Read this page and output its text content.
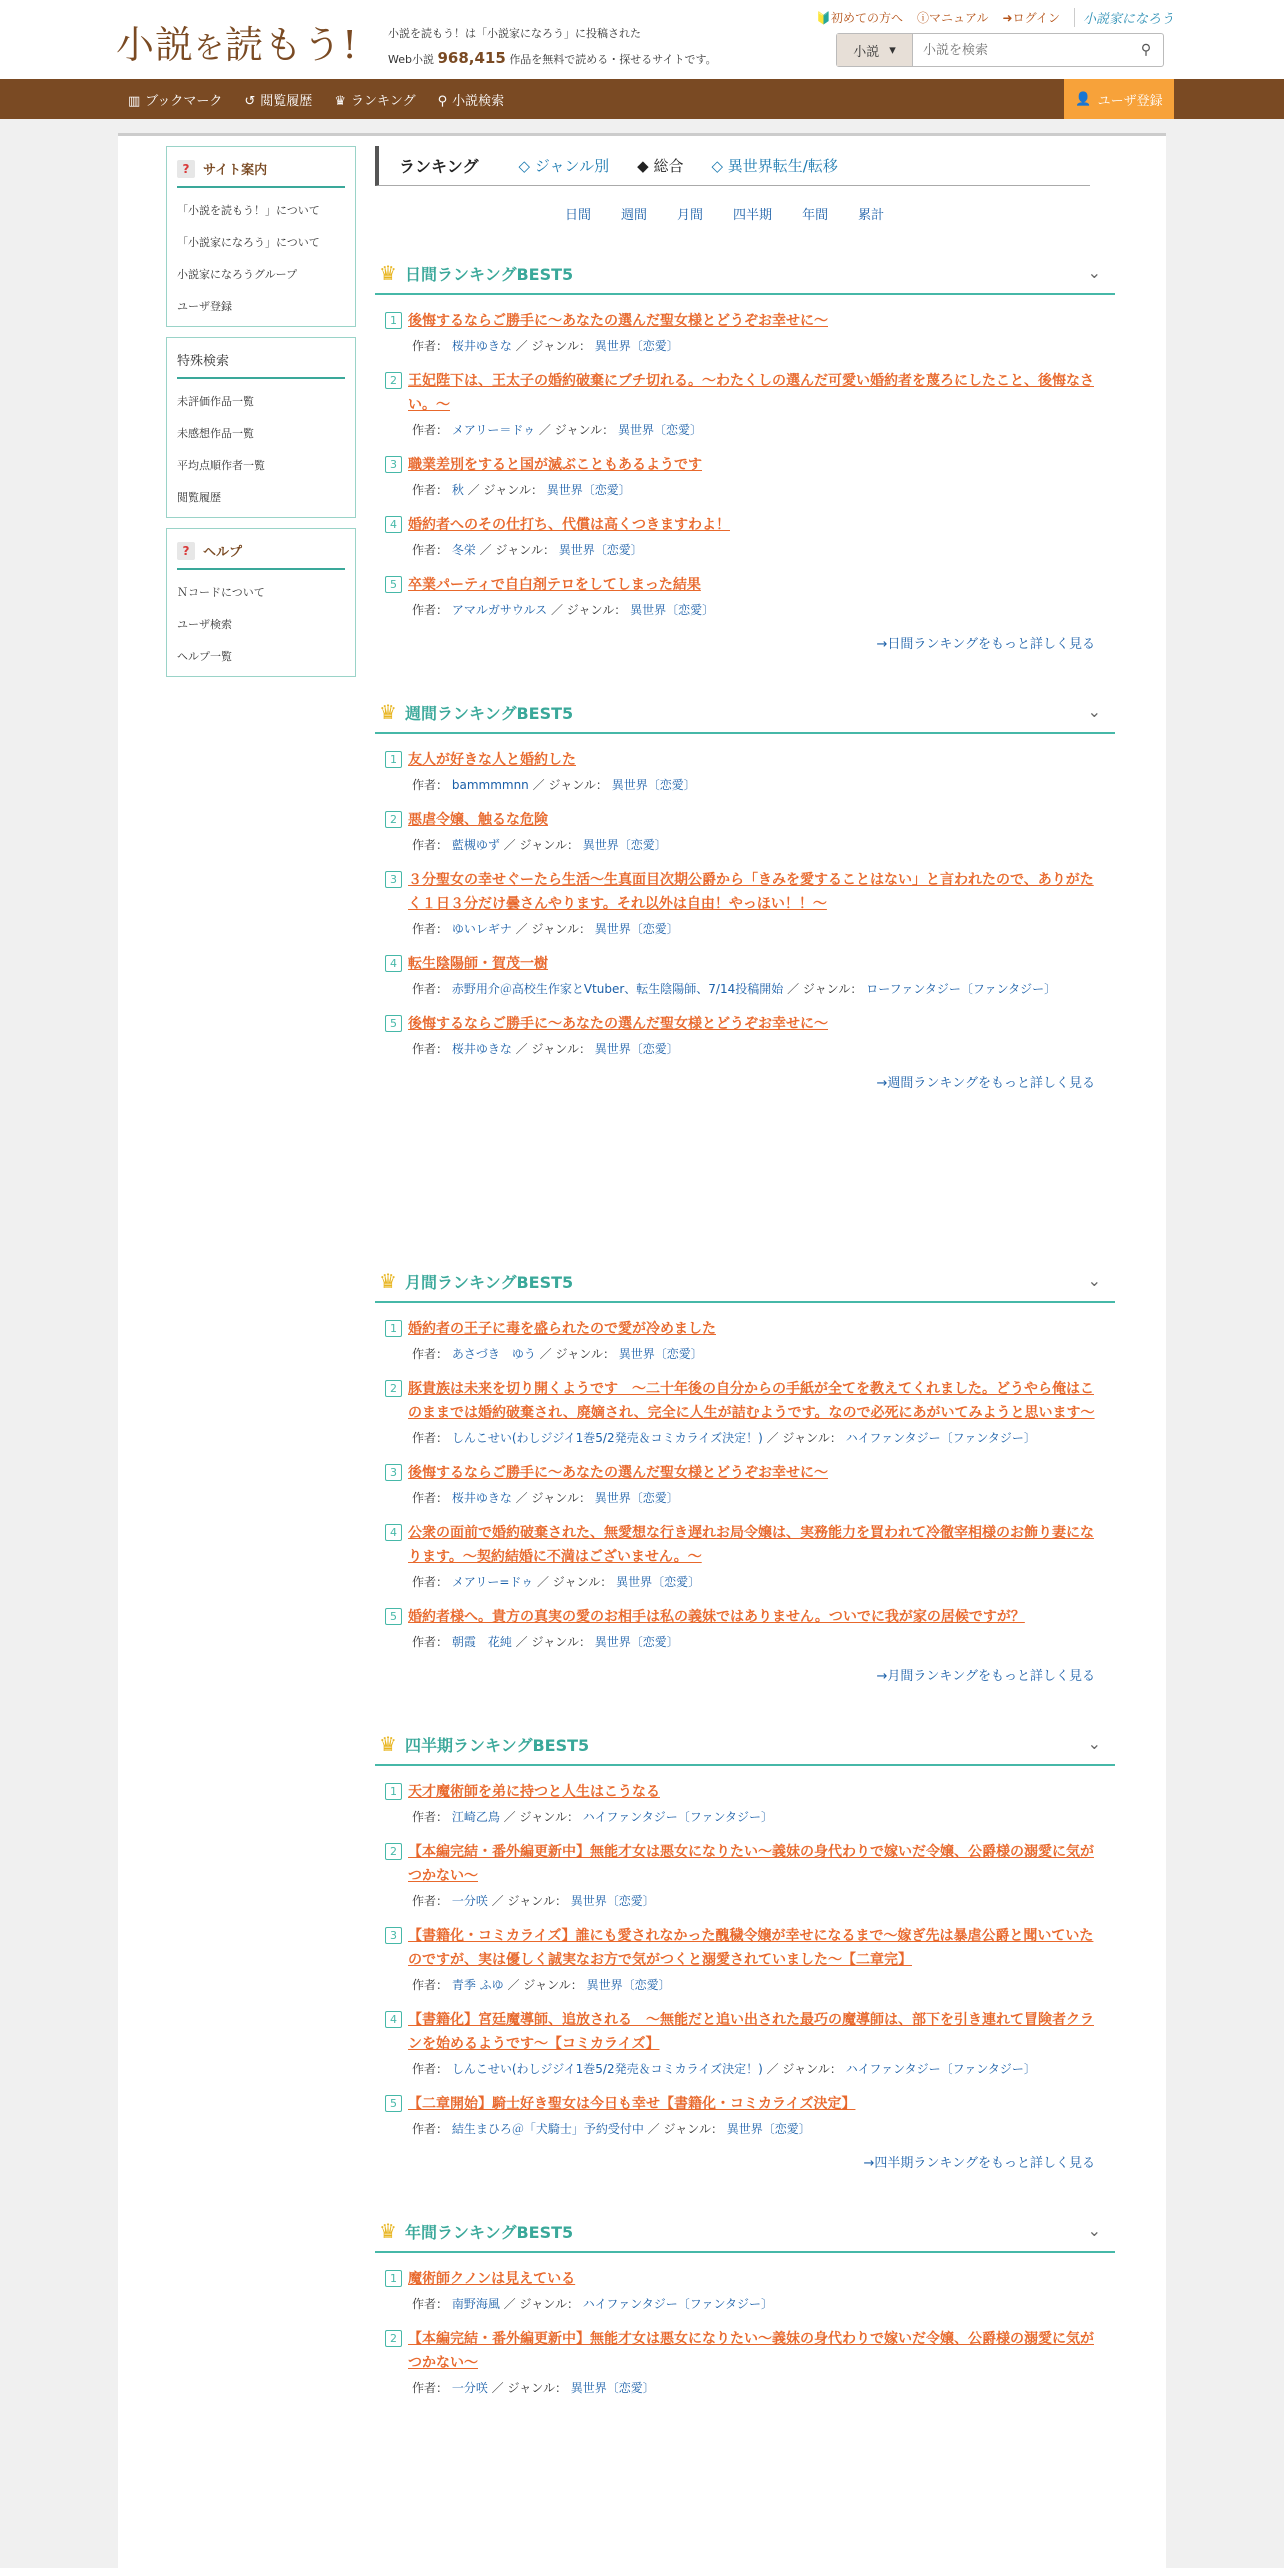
小説を読もう!	小説を読もう！は「小説家になろう」に投稿された
Web小説 968,415 作品を無料で読める・探せるサイトです。
🔰初めての方へ ⓘマニュアル ➜ログイン	小説家になろう
小説 ▾
小説を検索	⚲
▥ ブックマーク ↺ 閲覧履歴 ♛ ランキング ⚲ 小説検索	👤 ユーザ登録
?	サイト案内
「小説を読もう！」について
「小説家になろう」について
小説家になろうグループ
ユーザ登録
特殊検索
未評価作品一覧
未感想作品一覧
平均点順作者一覧
閲覧履歴
?	ヘルプ
Ｎコードについて
ユーザ検索
ヘルプ一覧
ランキング	◇ ジャンル別 ◆ 総合 ◇ 異世界転生/転移
日間 週間 月間 四半期 年間 累計
♛ 日間ランキングBEST5	⌄
1 後悔するならご勝手に～あなたの選んだ聖女様とどうぞお幸せに～
作者： 桜井ゆきな ／ ジャンル： 異世界〔恋愛〕
2 王妃陛下は、王太子の婚約破棄にブチ切れる。～わたくしの選んだ可愛い婚約者を蔑ろにしたこと、後悔なさい。～
作者： メアリー＝ドゥ ／ ジャンル： 異世界〔恋愛〕
3 職業差別をすると国が滅ぶこともあるようです
作者： 秋 ／ ジャンル： 異世界〔恋愛〕
4 婚約者へのその仕打ち、代償は高くつきますわよ！
作者： 冬栄 ／ ジャンル： 異世界〔恋愛〕
5 卒業パーティで自白剤テロをしてしまった結果
作者： アマルガサウルス ／ ジャンル： 異世界〔恋愛〕
→日間ランキングをもっと詳しく見る
♛ 週間ランキングBEST5	⌄
1 友人が好きな人と婚約した
作者： bammmmnn ／ ジャンル： 異世界〔恋愛〕
2 悪虐令嬢、触るな危険
作者： 藍槻ゆず ／ ジャンル： 異世界〔恋愛〕
3 ３分聖女の幸せぐーたら生活〜生真面目次期公爵から「きみを愛することはない」と言われたので、ありがたく１日３分だけ曇さんやります。それ以外は自由！やっほい！！〜
作者： ゆいレギナ ／ ジャンル： 異世界〔恋愛〕
4 転生陰陽師・賀茂一樹
作者： 赤野用介＠高校生作家とVtuber、転生陰陽師、7/14投稿開始 ／ ジャンル： ローファンタジー〔ファンタジー〕
5 後悔するならご勝手に～あなたの選んだ聖女様とどうぞお幸せに～
作者： 桜井ゆきな ／ ジャンル： 異世界〔恋愛〕
→週間ランキングをもっと詳しく見る
♛ 月間ランキングBEST5	⌄
1 婚約者の王子に毒を盛られたので愛が冷めました
作者： あさづき　ゆう ／ ジャンル： 異世界〔恋愛〕
2 豚貴族は未来を切り開くようです　～二十年後の自分からの手紙が全てを教えてくれました。どうやら俺はこのままでは婚約破棄され、廃嫡され、完全に人生が詰むようです。なので必死にあがいてみようと思います～
作者： しんこせい(わしジジイ1巻5/2発売＆コミカライズ決定！) ／ ジャンル： ハイファンタジー〔ファンタジー〕
3 後悔するならご勝手に～あなたの選んだ聖女様とどうぞお幸せに～
作者： 桜井ゆきな ／ ジャンル： 異世界〔恋愛〕
4 公衆の面前で婚約破棄された、無愛想な行き遅れお局令嬢は、実務能力を買われて冷徹宰相様のお飾り妻になります。～契約結婚に不満はございません。～
作者： メアリー=ドゥ ／ ジャンル： 異世界〔恋愛〕
5 婚約者様へ。貴方の真実の愛のお相手は私の義妹ではありません。ついでに我が家の居候ですが？
作者： 朝霞　花純 ／ ジャンル： 異世界〔恋愛〕
→月間ランキングをもっと詳しく見る
♛ 四半期ランキングBEST5	⌄
1 天才魔術師を弟に持つと人生はこうなる
作者： 江崎乙鳥 ／ ジャンル： ハイファンタジー〔ファンタジー〕
2 【本編完結・番外編更新中】無能才女は悪女になりたい～義妹の身代わりで嫁いだ令嬢、公爵様の溺愛に気がつかない～
作者： 一分咲 ／ ジャンル： 異世界〔恋愛〕
3 【書籍化・コミカライズ】誰にも愛されなかった醜穢令嬢が幸せになるまで〜嫁ぎ先は暴虐公爵と聞いていたのですが、実は優しく誠実なお方で気がつくと溺愛されていました〜【二章完】
作者： 青季 ふゆ ／ ジャンル： 異世界〔恋愛〕
4 【書籍化】宮廷魔導師、追放される　～無能だと追い出された最巧の魔導師は、部下を引き連れて冒険者クランを始めるようです～【コミカライズ】
作者： しんこせい(わしジジイ1巻5/2発売＆コミカライズ決定！) ／ ジャンル： ハイファンタジー〔ファンタジー〕
5 【二章開始】騎士好き聖女は今日も幸せ【書籍化・コミカライズ決定】
作者： 結生まひろ＠「犬騎士」予約受付中 ／ ジャンル： 異世界〔恋愛〕
→四半期ランキングをもっと詳しく見る
♛ 年間ランキングBEST5	⌄
1 魔術師クノンは見えている
作者： 南野海風 ／ ジャンル： ハイファンタジー〔ファンタジー〕
2 【本編完結・番外編更新中】無能才女は悪女になりたい～義妹の身代わりで嫁いだ令嬢、公爵様の溺愛に気がつかない～
作者： 一分咲 ／ ジャンル： 異世界〔恋愛〕
